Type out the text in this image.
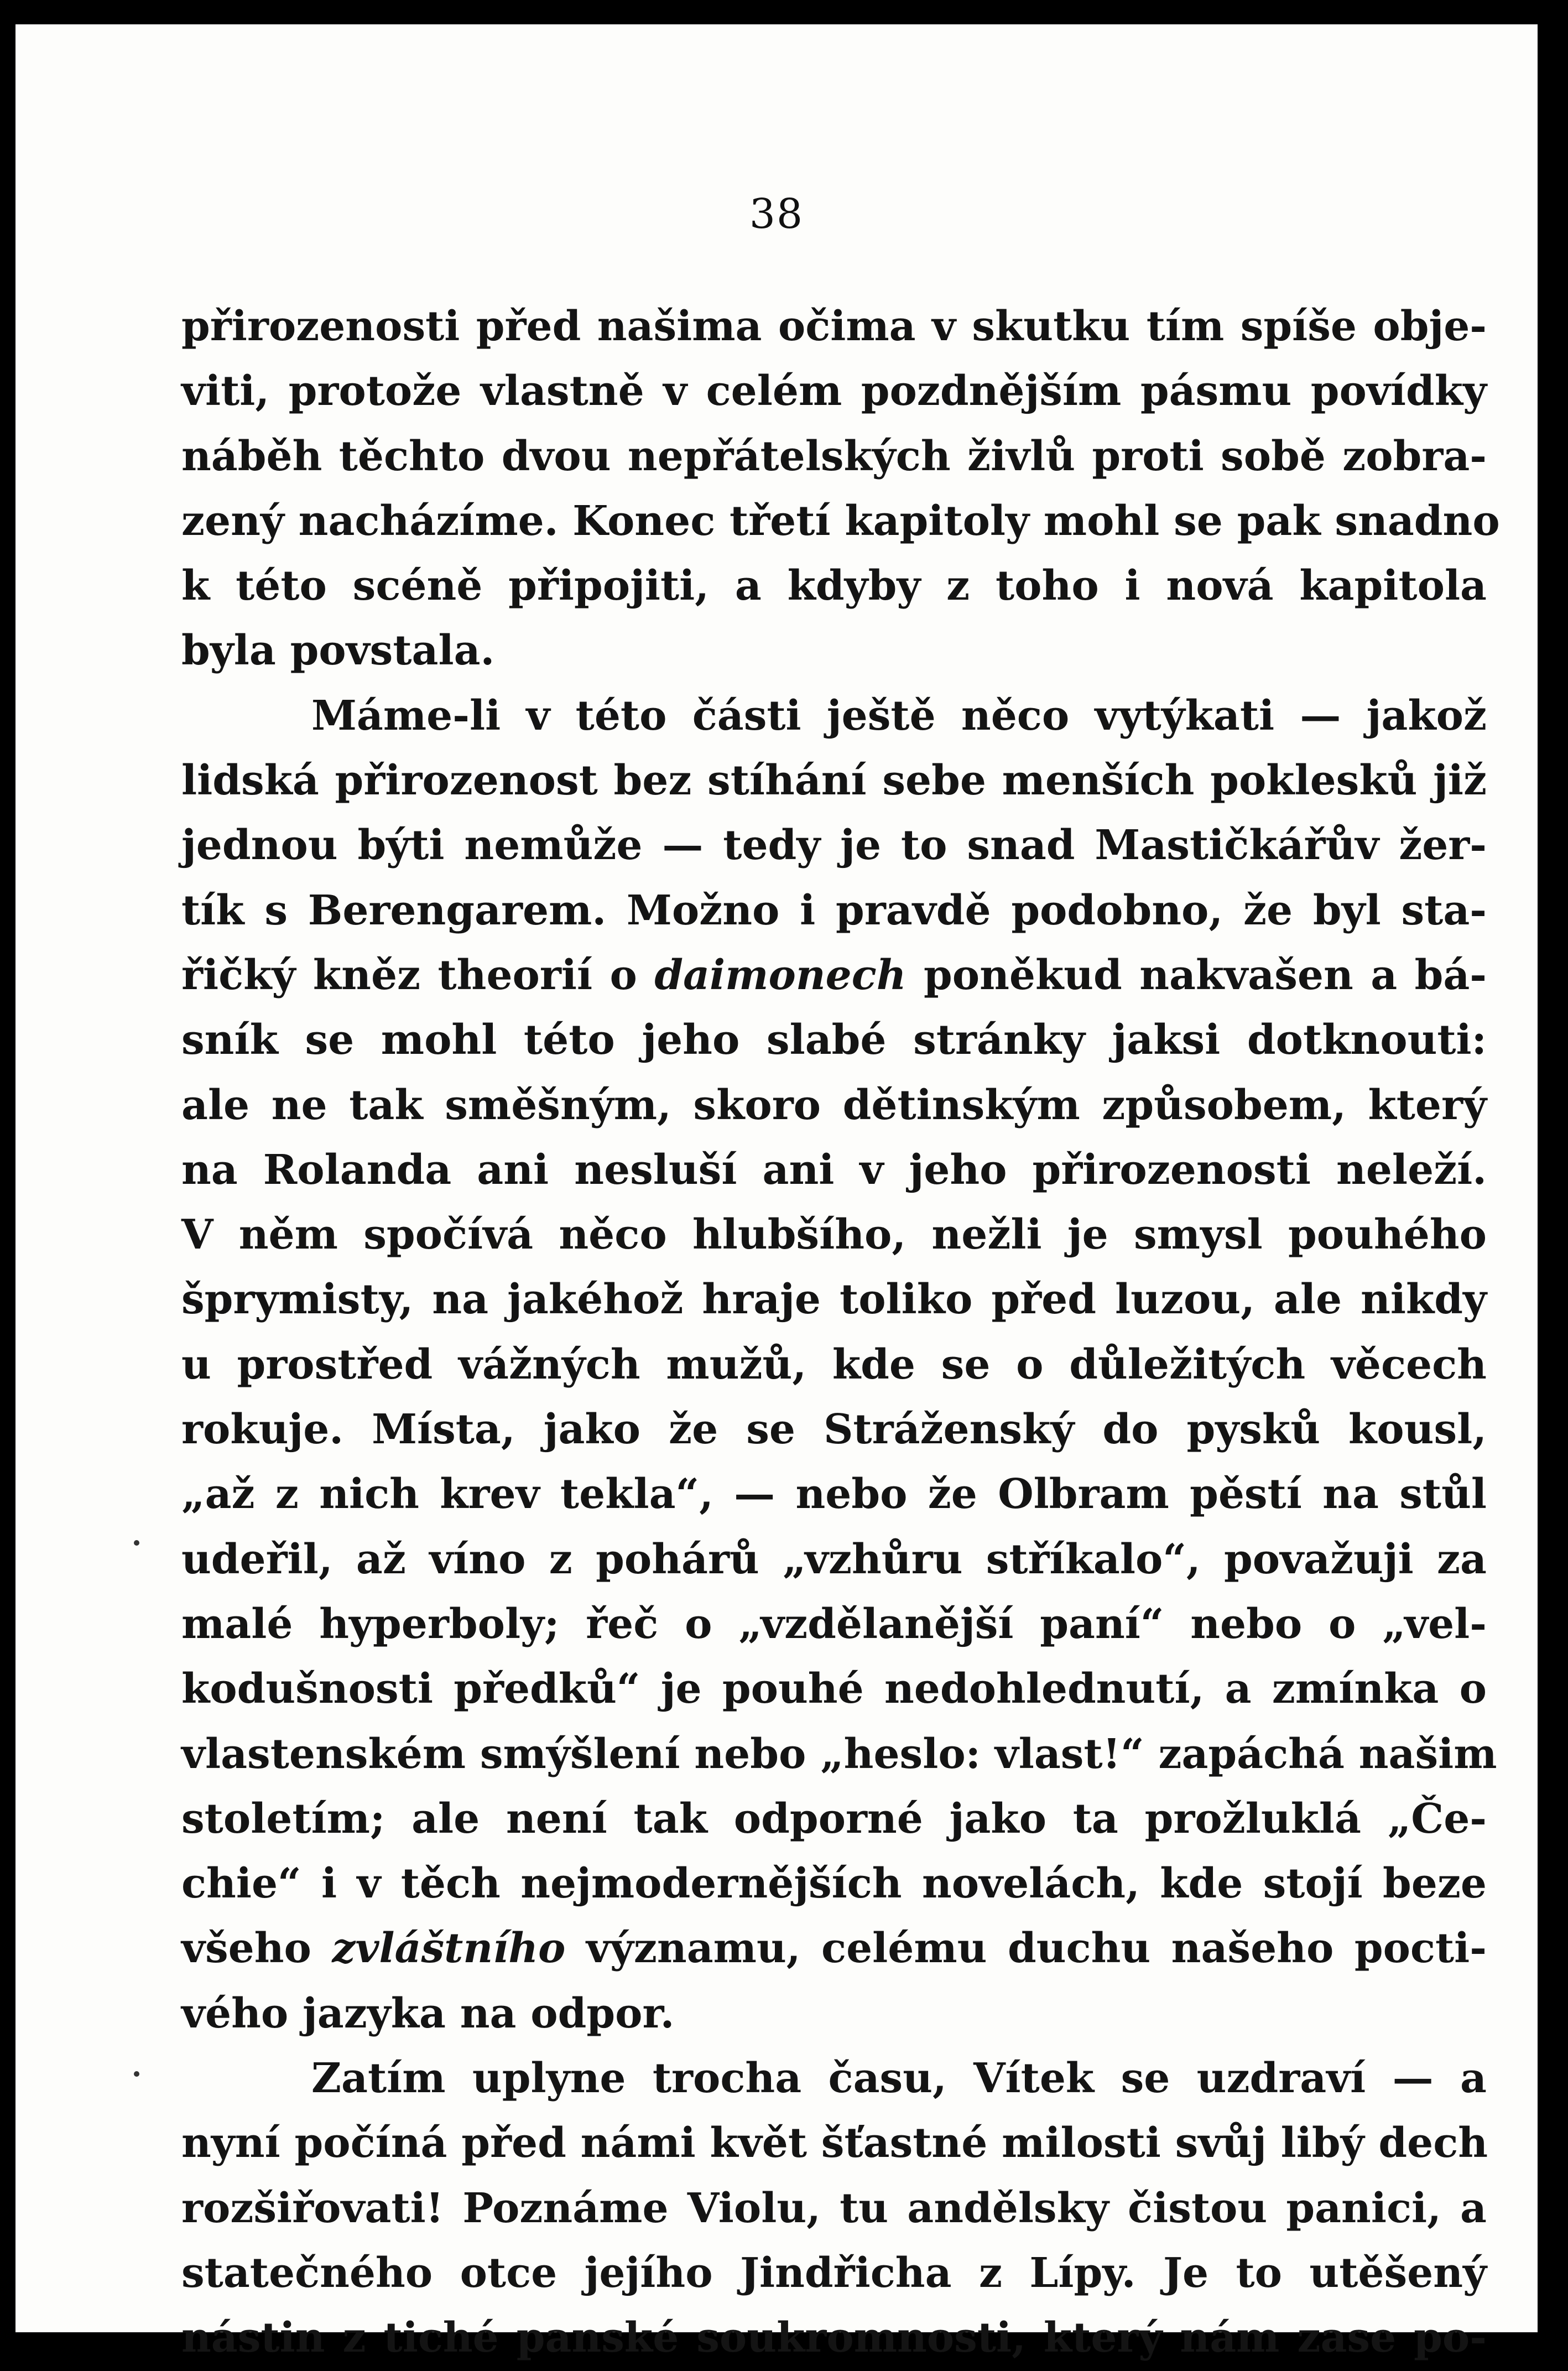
38
přirozenosti před našima očima v skutku tím spíše obje-
viti, protože vlastně v celém pozdnějším pásmu povídky
náběh těchto dvou nepřátelských živlů proti sobě zobra-
zený nacházíme. Konec třetí kapitoly mohl se pak snadno
k této scéně připojiti, a kdyby z toho i nová kapitola
byla povstala.
Máme-li v této části ještě něco vytýkati — jakož
lidská přirozenost bez stíhání sebe menších poklesků již
jednou býti nemůže — tedy je to snad Mastičkářův žer-
tík s Berengarem. Možno i pravdě podobno, že byl sta-
řičký kněz theorií o daimonech poněkud nakvašen a bá-
sník se mohl této jeho slabé stránky jaksi dotknouti:
ale ne tak směšným, skoro dětinským způsobem, který
na Rolanda ani nesluší ani v jeho přirozenosti neleží.
V něm spočívá něco hlubšího, nežli je smysl pouhého
šprymisty, na jakéhož hraje toliko před luzou, ale nikdy
u prostřed vážných mužů, kde se o důležitých věcech
rokuje. Místa, jako že se Stráženský do pysků kousl,
„až z nich krev tekla“, — nebo že Olbram pěstí na stůl
udeřil, až víno z pohárů „vzhůru stříkalo“, považuji za
malé hyperboly; řeč o „vzdělanější paní“ nebo o „vel-
kodušnosti předků“ je pouhé nedohlednutí, a zmínka o
vlastenském smýšlení nebo „heslo: vlast!“ zapáchá našim
stoletím; ale není tak odporné jako ta prožluklá „Če-
chie“ i v těch nejmodernějších novelách, kde stojí beze
všeho zvláštního významu, celému duchu našeho pocti-
vého jazyka na odpor.
Zatím uplyne trocha času, Vítek se uzdraví — a
nyní počíná před námi květ šťastné milosti svůj libý dech
rozšiřovati! Poznáme Violu, tu andělsky čistou panici, a
statečného otce jejího Jindřicha z Lípy. Je to utěšený
nástin z tiché panské soukromnosti, který nám zase po-
